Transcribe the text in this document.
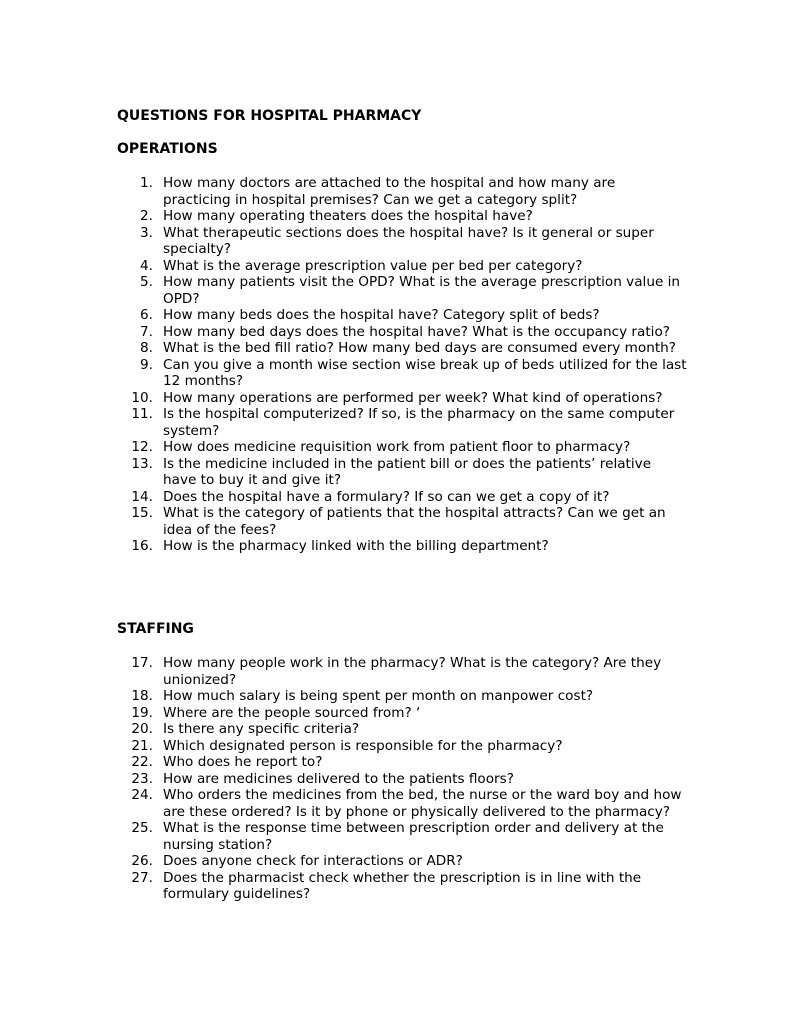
QUESTIONS FOR HOSPITAL PHARMACY
OPERATIONS
1. How many doctors are attached to the hospital and how many are practicing in hospital premises? Can we get a category split?
2. How many operating theaters does the hospital have?
3. What therapeutic sections does the hospital have? Is it general or super specialty?
4. What is the average prescription value per bed per category?
5. How many patients visit the OPD? What is the average prescription value in OPD?
6. How many beds does the hospital have? Category split of beds?
7. How many bed days does the hospital have? What is the occupancy ratio?
8. What is the bed fill ratio? How many bed days are consumed every month?
9. Can you give a month wise section wise break up of beds utilized for the last 12 months?
10. How many operations are performed per week? What kind of operations?
11. Is the hospital computerized? If so, is the pharmacy on the same computer system?
12. How does medicine requisition work from patient floor to pharmacy?
13. Is the medicine included in the patient bill or does the patients’ relative have to buy it and give it?
14. Does the hospital have a formulary? If so can we get a copy of it?
15. What is the category of patients that the hospital attracts? Can we get an idea of the fees?
16. How is the pharmacy linked with the billing department?
STAFFING
17. How many people work in the pharmacy? What is the category? Are they unionized?
18. How much salary is being spent per month on manpower cost?
19. Where are the people sourced from? ‘
20. Is there any specific criteria?
21. Which designated person is responsible for the pharmacy?
22. Who does he report to?
23. How are medicines delivered to the patients floors?
24. Who orders the medicines from the bed, the nurse or the ward boy and how are these ordered? Is it by phone or physically delivered to the pharmacy?
25. What is the response time between prescription order and delivery at the nursing station?
26. Does anyone check for interactions or ADR?
27. Does the pharmacist check whether the prescription is in line with the formulary guidelines?
